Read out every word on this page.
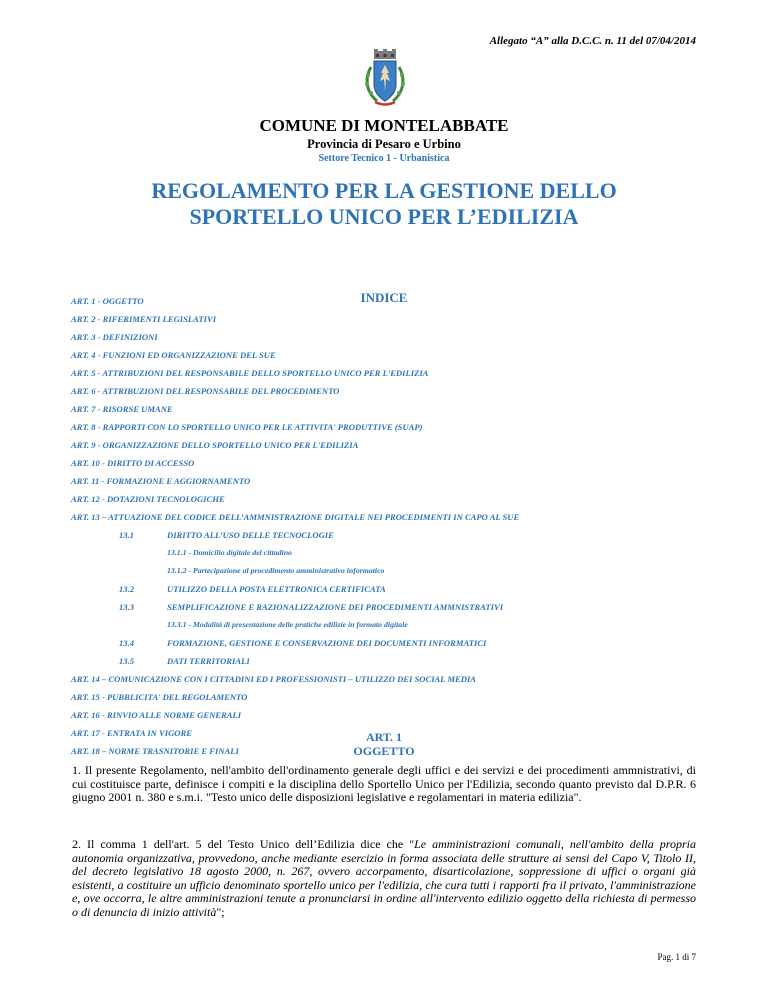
Allegato “A” alla D.C.C. n. 11 del 07/04/2014
COMUNE DI MONTELABBATE
Provincia di Pesaro e Urbino
Settore Tecnico 1 - Urbanistica
REGOLAMENTO PER LA GESTIONE DELLO
SPORTELLO UNICO PER L’EDILIZIA
INDICE
ART. 1 - OGGETTO
ART. 2 - RIFERIMENTI LEGISLATIVI
ART. 3 - DEFINIZIONI
ART. 4 - FUNZIONI ED ORGANIZZAZIONE DEL SUE
ART. 5 - ATTRIBUZIONI DEL RESPONSABILE DELLO SPORTELLO UNICO PER L'EDILIZIA
ART. 6 - ATTRIBUZIONI DEL RESPONSABILE DEL PROCEDIMENTO
ART. 7 - RISORSE UMANE
ART. 8 - RAPPORTI CON LO SPORTELLO UNICO PER LE ATTIVITA' PRODUTTIVE (SUAP)
ART. 9 - ORGANIZZAZIONE DELLO SPORTELLO UNICO PER L'EDILIZIA
ART. 10 - DIRITTO DI ACCESSO
ART. 11 - FORMAZIONE E AGGIORNAMENTO
ART. 12 - DOTAZIONI TECNOLOGICHE
ART. 13 – ATTUAZIONE DEL CODICE DELL’AMMNISTRAZIONE DIGITALE NEI PROCEDIMENTI IN CAPO AL SUE
13.1	DIRITTO ALL’USO DELLE TECNOCLOGIE
13.1.1 - Domicilio digitale del cittadino
13.1.2 - Partecipazione al procedimento amministrativo informatico
13.2	UTILIZZO DELLA POSTA ELETTRONICA CERTIFICATA
13.3	SEMPLIFICAZIONE E RAZIONALIZZAZIONE DEI PROCEDIMENTI AMMNISTRATIVI
13.3.1 - Modalità di presentazione delle pratiche edilizie in formato digitale
13.4	FORMAZIONE, GESTIONE E CONSERVAZIONE DEI DOCUMENTI INFORMATICI
13.5	DATI TERRITORIALI
ART. 14 – COMUNICAZIONE CON I CITTADINI ED I PROFESSIONISTI – UTILIZZO DEI SOCIAL MEDIA
ART. 15 - PUBBLICITA' DEL REGOLAMENTO
ART. 16 - RINVIO ALLE NORME GENERALI
ART. 17 - ENTRATA IN VIGORE
ART. 18 – NORME TRASNITORIE E FINALI
ART. 1
OGGETTO
1. Il presente Regolamento, nell'ambito dell'ordinamento generale degli uffici e dei servizi e dei procedimenti ammnistrativi, di cui costituisce parte, definisce i compiti e la disciplina dello Sportello Unico per l'Edilizia, secondo quanto previsto dal D.P.R. 6 giugno 2001 n. 380 e s.m.i. "Testo unico delle disposizioni legislative e regolamentari in materia edilizia".
2. Il comma 1 dell'art. 5 del Testo Unico dell’Edilizia dice che "Le amministrazioni comunali, nell'ambito della propria autonomia organizzativa, provvedono, anche mediante esercizio in forma associata delle strutture ai sensi del Capo V, Titolo II, del decreto legislativo 18 agosto 2000, n. 267, ovvero accorpamento, disarticolazione, soppressione di uffici o organi già esistenti, a costituire un ufficio denominato sportello unico per l'edilizia, che cura tutti i rapporti fra il privato, l'amministrazione e, ove occorra, le altre amministrazioni tenute a pronunciarsi in ordine all'intervento edilizio oggetto della richiesta di permesso o di denuncia di inizio attività";
Pag. 1 di 7
